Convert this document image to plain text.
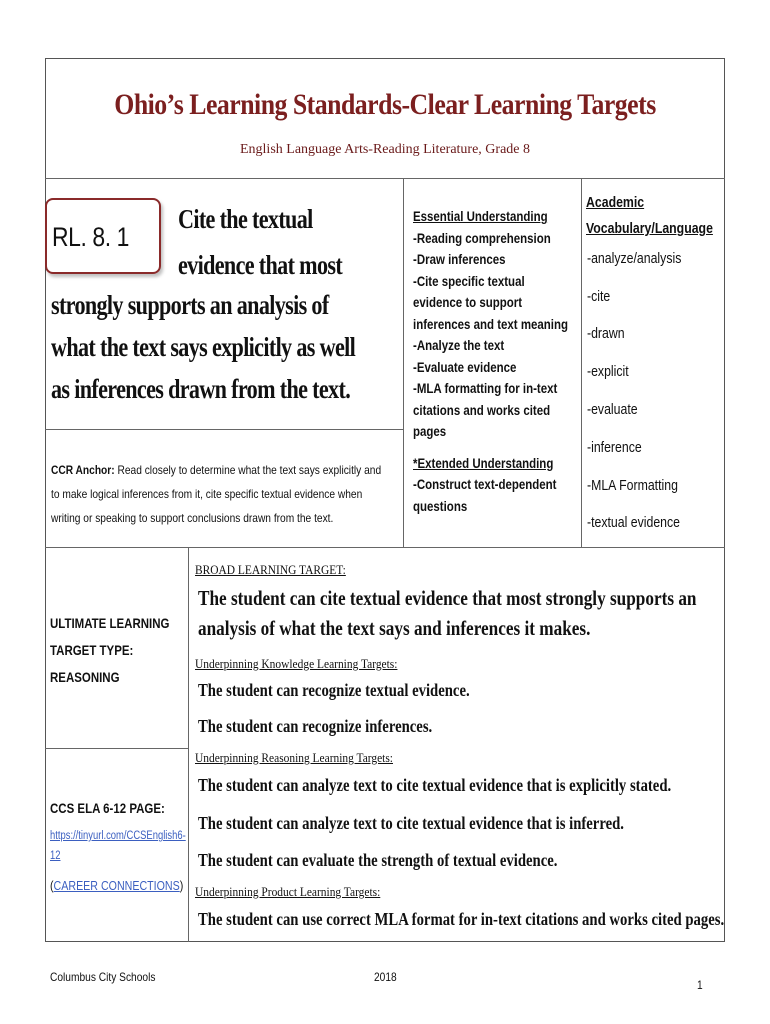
Ohio’s Learning Standards-Clear Learning Targets
English Language Arts-Reading Literature, Grade 8
RL. 8. 1
Cite the textual
evidence that most
strongly supports an analysis of
what the text says explicitly as well
as inferences drawn from the text.
CCR Anchor: Read closely to determine what the text says explicitly and
to make logical inferences from it, cite specific textual evidence when
writing or speaking to support conclusions drawn from the text.
Essential Understanding
-Reading comprehension
-Draw inferences
-Cite specific textual
evidence to support
inferences and text meaning
-Analyze the text
-Evaluate evidence
-MLA formatting for in-text
citations and works cited
pages
*Extended Understanding
-Construct text-dependent
questions
Academic
Vocabulary/Language
-analyze/analysis
-cite
-drawn
-explicit
-evaluate
-inference
-MLA Formatting
-textual evidence
ULTIMATE LEARNING
TARGET TYPE:
REASONING
CCS ELA 6-12 PAGE:
https://tinyurl.com/CCSEnglish6-
12
(CAREER CONNECTIONS)
BROAD LEARNING TARGET:
The student can cite textual evidence that most strongly supports an
analysis of what the text says and inferences it makes.
Underpinning Knowledge Learning Targets:
The student can recognize textual evidence.
The student can recognize inferences.
Underpinning Reasoning Learning Targets:
The student can analyze text to cite textual evidence that is explicitly stated.
The student can analyze text to cite textual evidence that is inferred.
The student can evaluate the strength of textual evidence.
Underpinning Product Learning Targets:
The student can use correct MLA format for in-text citations and works cited pages.
Columbus City Schools	2018
1
